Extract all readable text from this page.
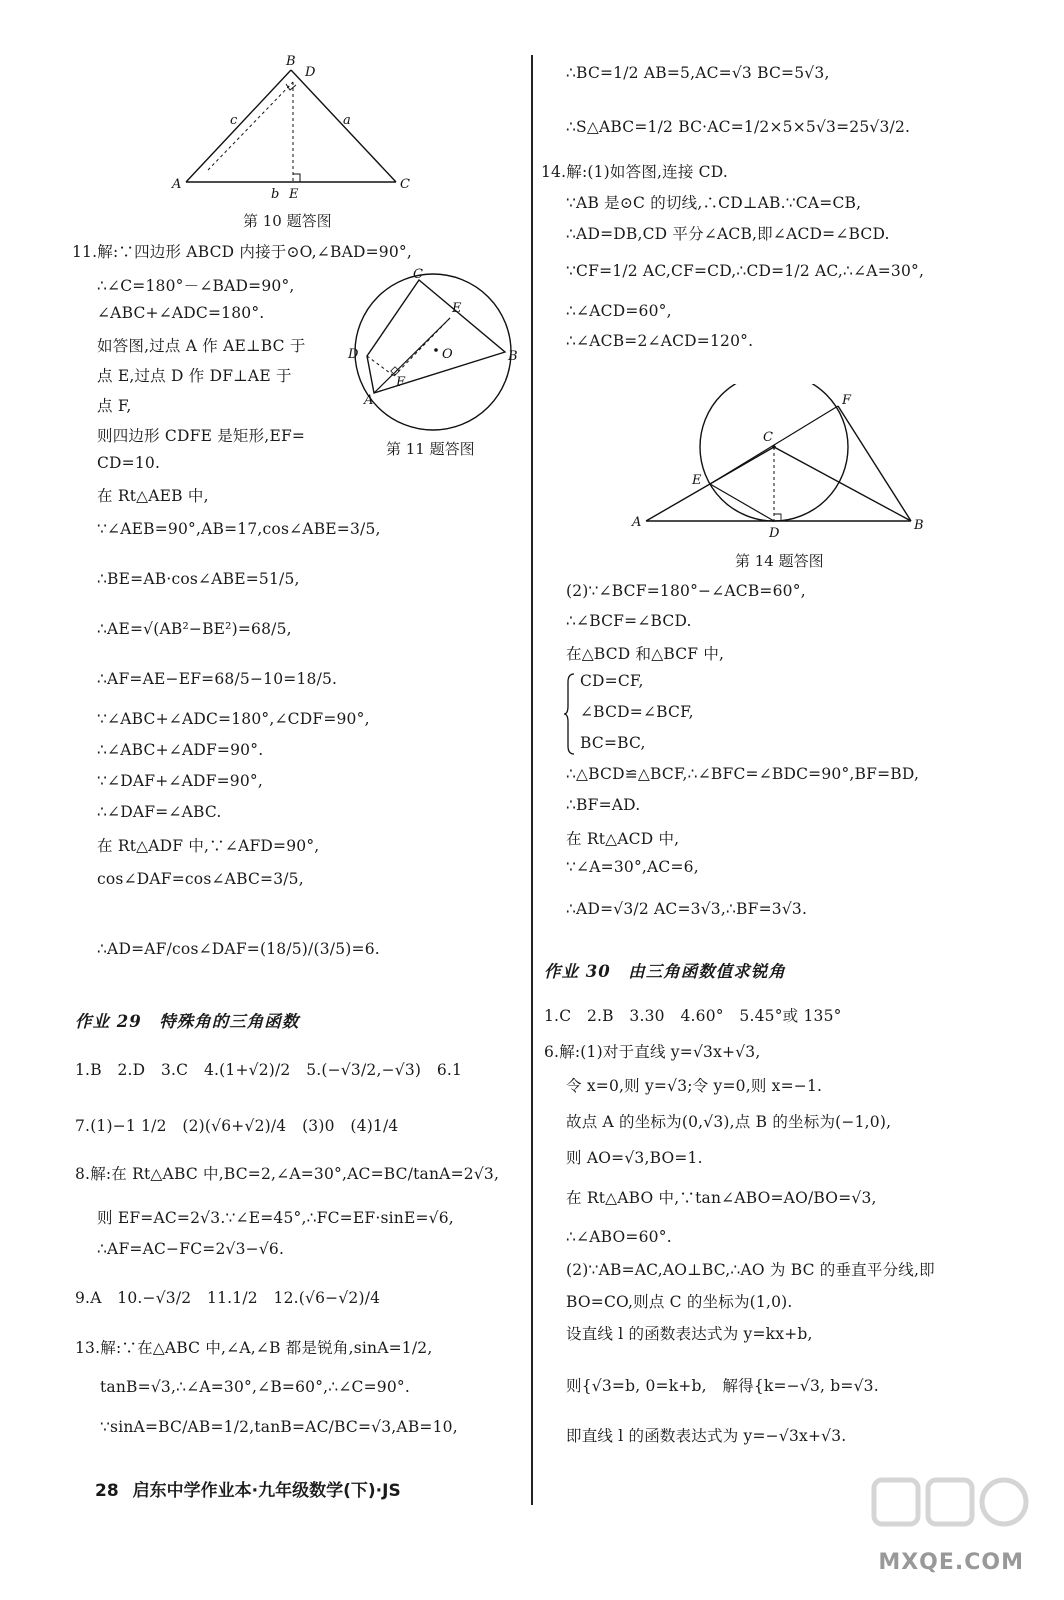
B
D
c	a
A
b E
C
第 10 题答图
11.解:∵四边形 ABCD 内接于⊙O,∠BAD=90°,
∴∠C=180°－∠BAD=90°,
∠ABC+∠ADC=180°.
如答图,过点 A 作 AE⊥BC 于
点 E,过点 D 作 DF⊥AE 于
点 F,
则四边形 CDFE 是矩形,EF=
CD=10.
在 Rt△AEB 中,
∵∠AEB=90°,AB=17,cos∠ABE=3/5,
∴BE=AB·cos∠ABE=51/5,
∴AE=√(AB²−BE²)=68/5,
∴AF=AE−EF=68/5−10=18/5.
∵∠ABC+∠ADC=180°,∠CDF=90°,
∴∠ABC+∠ADF=90°.
∵∠DAF+∠ADF=90°,
∴∠DAF=∠ABC.
在 Rt△ADF 中,∵∠AFD=90°,
cos∠DAF=cos∠ABC=3/5,
∴AD=AF/cos∠DAF=(18/5)/(3/5)=6.
C
E
D	O	B
F
A
第 11 题答图
作业 29　特殊角的三角函数
1.B　2.D　3.C　4.(1+√2)/2　5.(−√3/2,−√3)　6.1
7.(1)−1 1/2　(2)(√6+√2)/4　(3)0　(4)1/4
8.解:在 Rt△ABC 中,BC=2,∠A=30°,AC=BC/tanA=2√3,
则 EF=AC=2√3.∵∠E=45°,∴FC=EF·sinE=√6,
∴AF=AC−FC=2√3−√6.
9.A　10.−√3/2　11.1/2　12.(√6−√2)/4
13.解:∵在△ABC 中,∠A,∠B 都是锐角,sinA=1/2,
tanB=√3,∴∠A=30°,∠B=60°,∴∠C=90°.
∵sinA=BC/AB=1/2,tanB=AC/BC=√3,AB=10,
∴BC=1/2 AB=5,AC=√3 BC=5√3,
∴S△ABC=1/2 BC·AC=1/2×5×5√3=25√3/2.
14.解:(1)如答图,连接 CD.
∵AB 是⊙C 的切线,∴CD⊥AB.∵CA=CB,
∴AD=DB,CD 平分∠ACB,即∠ACD=∠BCD.
∵CF=1/2 AC,CF=CD,∴CD=1/2 AC,∴∠A=30°,
∴∠ACD=60°,
∴∠ACB=2∠ACD=120°.
F
C
E
A
D
B
第 14 题答图
(2)∵∠BCF=180°−∠ACB=60°,
∴∠BCF=∠BCD.
在△BCD 和△BCF 中,
CD=CF,
∠BCD=∠BCF,
BC=BC,
∴△BCD≌△BCF,∴∠BFC=∠BDC=90°,BF=BD,
∴BF=AD.
在 Rt△ACD 中,
∵∠A=30°,AC=6,
∴AD=√3/2 AC=3√3,∴BF=3√3.
作业 30　由三角函数值求锐角
1.C　2.B　3.30　4.60°　5.45°或 135°
6.解:(1)对于直线 y=√3x+√3,
令 x=0,则 y=√3;令 y=0,则 x=−1.
故点 A 的坐标为(0,√3),点 B 的坐标为(−1,0),
则 AO=√3,BO=1.
在 Rt△ABO 中,∵tan∠ABO=AO/BO=√3,
∴∠ABO=60°.
(2)∵AB=AC,AO⊥BC,∴AO 为 BC 的垂直平分线,即
BO=CO,则点 C 的坐标为(1,0).
设直线 l 的函数表达式为 y=kx+b,
则{√3=b, 0=k+b,　解得{k=−√3, b=√3.
即直线 l 的函数表达式为 y=−√3x+√3.
28 启东中学作业本·九年级数学(下)·JS
MXQE.COM
